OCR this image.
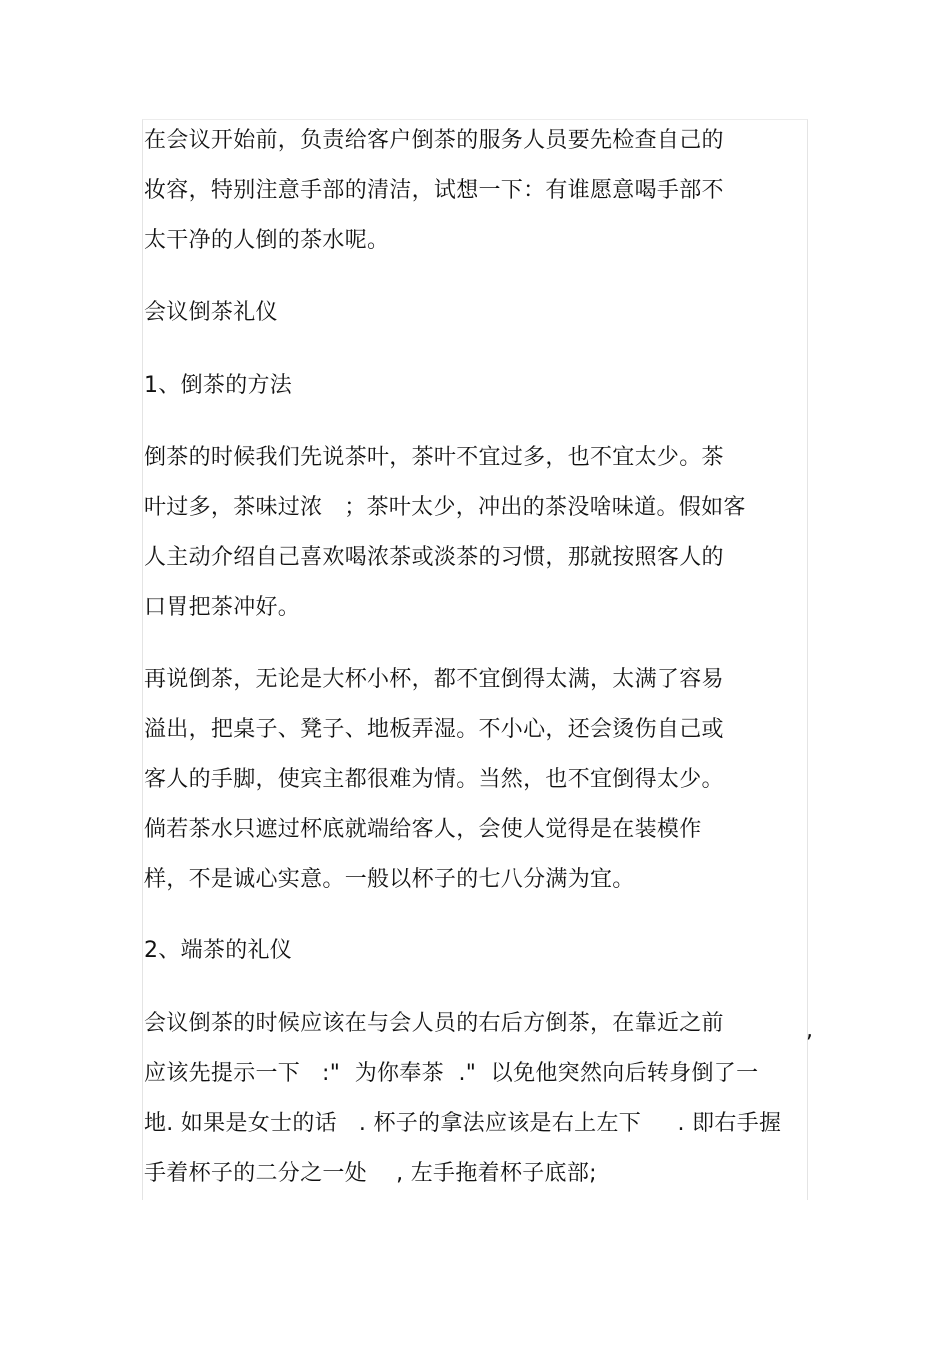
在会议开始前，负责给客户倒茶的服务人员要先检查自己的
妆容，特别注意手部的清洁，试想一下：有谁愿意喝手部不
太干净的人倒的茶水呢。
会议倒茶礼仪
1、倒茶的方法
倒茶的时候我们先说茶叶，茶叶不宜过多，也不宜太少。茶
叶过多，茶味过浓   ；茶叶太少，冲出的茶没啥味道。假如客
人主动介绍自己喜欢喝浓茶或淡茶的习惯，那就按照客人的
口胃把茶冲好。
再说倒茶，无论是大杯小杯，都不宜倒得太满，太满了容易
溢出，把桌子、凳子、地板弄湿。不小心，还会烫伤自己或
客人的手脚，使宾主都很难为情。当然，也不宜倒得太少。
倘若茶水只遮过杯底就端给客人，会使人觉得是在装模作
样，不是诚心实意。一般以杯子的七八分满为宜。
2、端茶的礼仪
会议倒茶的时候应该在与会人员的右后方倒茶，在靠近之前
应该先提示一下   :"  为你奉茶  ."  以免他突然向后转身倒了一
地. 如果是女士的话   . 杯子的拿法应该是右上左下     . 即右手握
手着杯子的二分之一处    , 左手拖着杯子底部;
,
